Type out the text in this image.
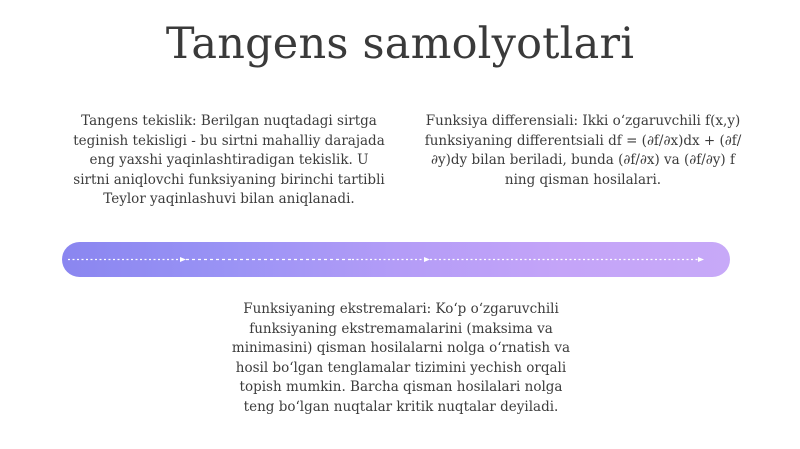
Tangens samolyotlari

Tangens tekislik: Berilgan nuqtadagi sirtga teginish tekisligi - bu sirtni mahalliy darajada eng yaxshi yaqinlashtiradigan tekislik. U sirtni aniqlovchi funksiyaning birinchi tartibli Teylor yaqinlashuvi bilan aniqlanadi.

Funksiya differensiali: Ikki oʻzgaruvchili f(x,y) funksiyaning differentsiali df = (∂f/∂x)dx + (∂f/∂y)dy bilan beriladi, bunda (∂f/∂x) va (∂f/∂y) f ning qisman hosilalari.

Funksiyaning ekstremalari: Koʻp oʻzgaruvchili funksiyaning ekstremamalarini (maksima va minimasini) qisman hosilalarni nolga oʻrnatish va hosil boʻlgan tenglamalar tizimini yechish orqali topish mumkin. Barcha qisman hosilalari nolga teng boʻlgan nuqtalar kritik nuqtalar deyiladi.
